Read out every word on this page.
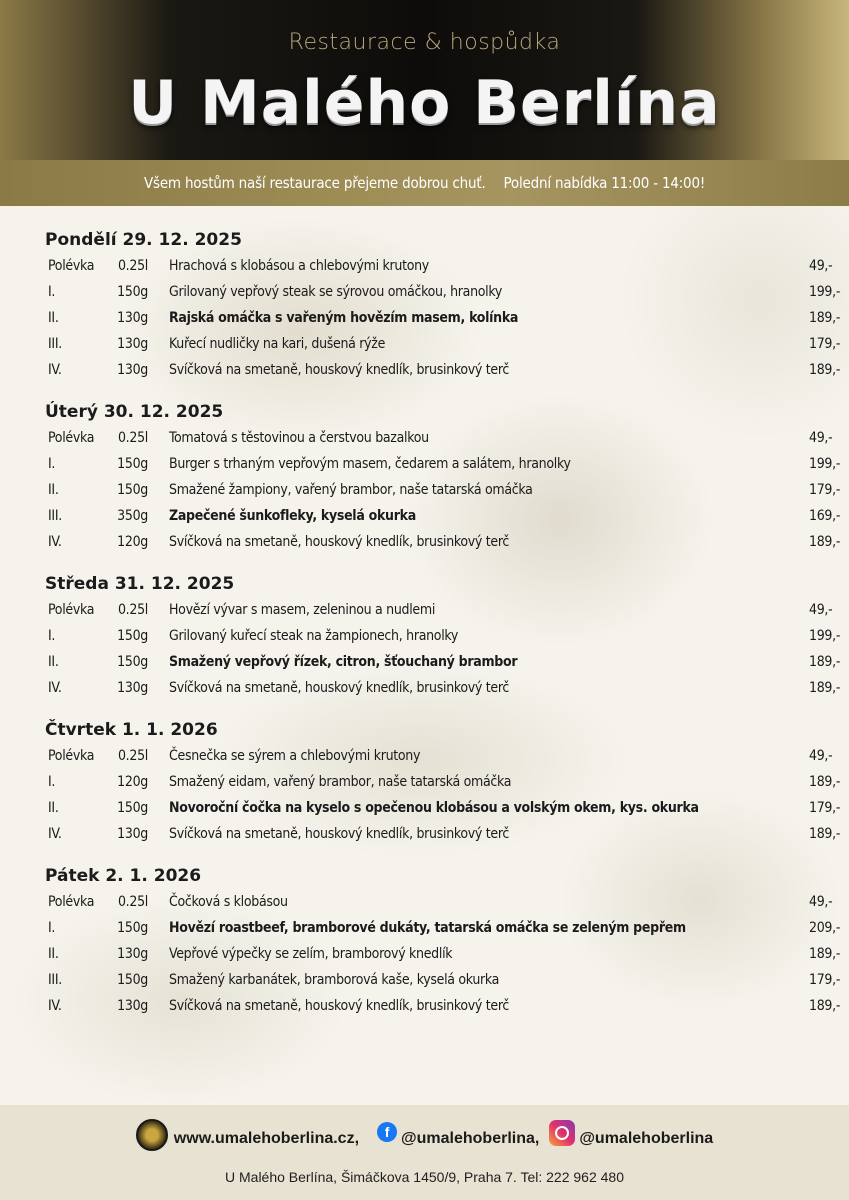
Restaurace & hospůdka
U Malého Berlína
Všem hostům naší restaurace přejeme dobrou chuť. Polední nabídka 11:00 - 14:00!
Pondělí 29. 12. 2025
Polévka	0.25l	Hrachová s klobásou a chlebovými krutony	49,-
I.	150g	Grilovaný vepřový steak se sýrovou omáčkou, hranolky	199,-
II.	130g	Rajská omáčka s vařeným hovězím masem, kolínka	189,-
III.	130g	Kuřecí nudličky na kari, dušená rýže	179,-
IV.	130g	Svíčková na smetaně, houskový knedlík, brusinkový terč	189,-
Úterý 30. 12. 2025
Polévka	0.25l	Tomatová s těstovinou a čerstvou bazalkou	49,-
I.	150g	Burger s trhaným vepřovým masem, čedarem a salátem, hranolky	199,-
II.	150g	Smažené žampiony, vařený brambor, naše tatarská omáčka	179,-
III.	350g	Zapečené šunkofleky, kyselá okurka	169,-
IV.	120g	Svíčková na smetaně, houskový knedlík, brusinkový terč	189,-
Středa 31. 12. 2025
Polévka	0.25l	Hovězí vývar s masem, zeleninou a nudlemi	49,-
I.	150g	Grilovaný kuřecí steak na žampionech, hranolky	199,-
II.	150g	Smažený vepřový řízek, citron, šťouchaný brambor	189,-
IV.	130g	Svíčková na smetaně, houskový knedlík, brusinkový terč	189,-
Čtvrtek 1. 1. 2026
Polévka	0.25l	Česnečka se sýrem a chlebovými krutony	49,-
I.	120g	Smažený eidam, vařený brambor, naše tatarská omáčka	189,-
II.	150g	Novoroční čočka na kyselo s opečenou klobásou a volským okem, kys. okurka	179,-
IV.	130g	Svíčková na smetaně, houskový knedlík, brusinkový terč	189,-
Pátek 2. 1. 2026
Polévka	0.25l	Čočková s klobásou	49,-
I.	150g	Hovězí roastbeef, bramborové dukáty, tatarská omáčka se zeleným pepřem	209,-
II.	130g	Vepřové výpečky se zelím, bramborový knedlík	189,-
III.	150g	Smažený karbanátek, bramborová kaše, kyselá okurka	179,-
IV.	130g	Svíčková na smetaně, houskový knedlík, brusinkový terč	189,-
www.umalehoberlina.cz,	f @umalehoberlina,	@umalehoberlina
U Malého Berlína, Šimáčkova 1450/9, Praha 7. Tel: 222 962 480
